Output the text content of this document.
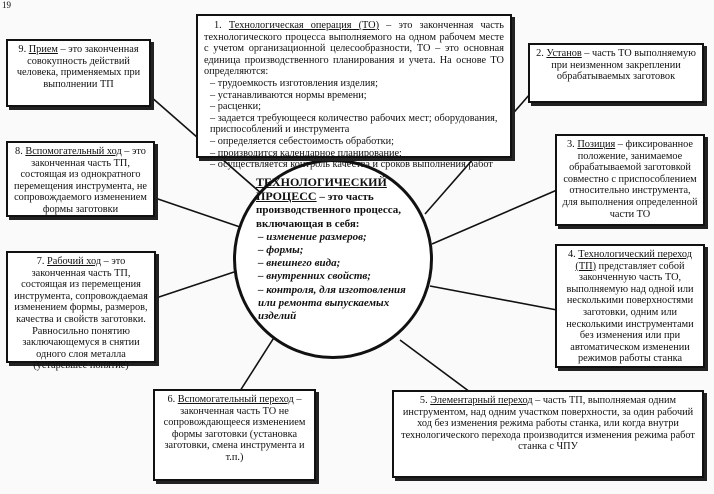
19
ТЕХНОЛОГИЧЕСКИЙ ПРОЦЕСС – это часть производственного процесса, включающая в себя:
– изменение размеров;
– формы;
– внешнего вида;
– внутренних свойств;
– контроля, для изготовления или ремонта выпускаемых изделий
1. Технологическая операция (ТО) – это законченная часть технологического процесса выполняемого на одном рабочем месте с учетом организационной целесообразности, ТО – это основная единица производственного планирования и учета. На основе ТО определяются:
– трудоемкость изготовления изделия;
– устанавливаются нормы времени;
– расценки;
– задается требующееся количество рабочих мест; оборудования, приспособлений и инструмента
– определяется себестоимость обработки;
– производится календарное планирование;
– осуществляется контроль качества и сроков выполнения работ
2. Установ – часть ТО выполняемую при неизменном закреплении обрабатываемых заготовок
3. Позиция – фиксированное положение, занимаемое обрабатываемой заготовкой совместно с приспособлением относительно инструмента, для выполнения определенной части ТО
4. Технологический переход (ТП) представляет собой законченную часть ТО, выполняемую над одной или несколькими поверхностями заготовки, одним или несколькими инструментами без изменения или при автоматическом изменении режимов работы станка
5. Элементарный переход – часть ТП, выполняемая одним инструментом, над одним участком поверхности, за один рабочий ход без изменения режима работы станка, или когда внутри технологического перехода производится изменения режима работ станка с ЧПУ
6. Вспомогательный переход – законченная часть ТО не сопровождающееся изменением формы заготовки (установка заготовки, смена инструмента и т.п.)
7. Рабочий ход – это законченная часть ТП, состоящая из перемещения инструмента, сопровождаемая изменением формы, размеров, качества и свойств заготовки. Равносильно понятию заключающемуся в снятии одного слоя металла (устаревшее понятие)
8. Вспомогательный ход – это законченная часть ТП, состоящая из однократного перемещения инструмента, не сопровождаемого изменением формы заготовки
9. Прием – это законченная совокупность действий человека, применяемых при выполнении ТП
